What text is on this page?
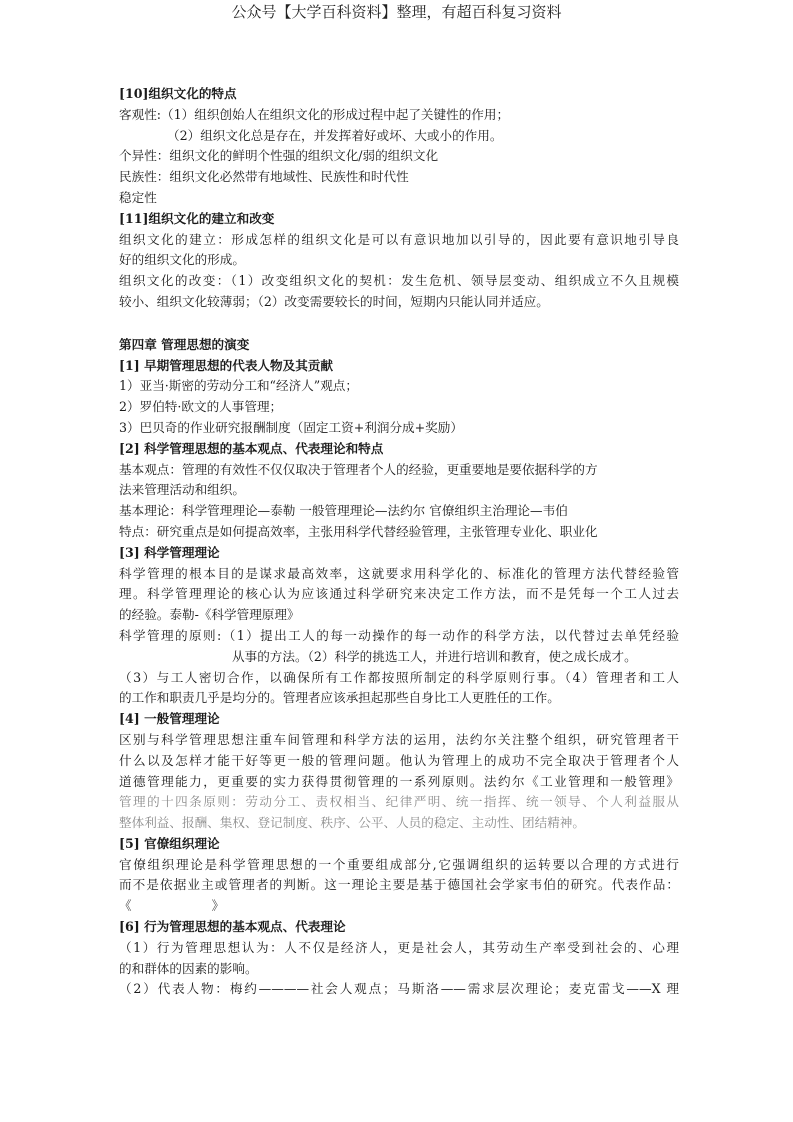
公众号【大学百科资料】整理，有超百科复习资料
[10]组织文化的特点
客观性:（1）组织创始人在组织文化的形成过程中起了关键性的作用；
（2）组织文化总是存在，并发挥着好或坏、大或小的作用。
个异性：组织文化的鲜明个性强的组织文化/弱的组织文化
民族性：组织文化必然带有地域性、民族性和时代性
稳定性
[11]组织文化的建立和改变
组织文化的建立：形成怎样的组织文化是可以有意识地加以引导的，因此要有意识地引导良
好的组织文化的形成。
组织文化的改变：（1）改变组织文化的契机：发生危机、领导层变动、组织成立不久且规模
较小、组织文化较薄弱；（2）改变需要较长的时间，短期内只能认同并适应。
第四章 管理思想的演变
[1] 早期管理思想的代表人物及其贡献
1）亚当·斯密的劳动分工和“经济人”观点；
2）罗伯特·欧文的人事管理；
3）巴贝奇的作业研究报酬制度（固定工资+利润分成+奖励）
[2] 科学管理思想的基本观点、代表理论和特点
基本观点：管理的有效性不仅仅取决于管理者个人的经验，更重要地是要依据科学的方
法来管理活动和组织。
基本理论：科学管理理论—泰勒 一般管理理论—法约尔 官僚组织主治理论—韦伯
特点：研究重点是如何提高效率，主张用科学代替经验管理，主张管理专业化、职业化
[3] 科学管理理论
科学管理的根本目的是谋求最高效率，这就要求用科学化的、标准化的管理方法代替经验管
理。科学管理理论的核心认为应该通过科学研究来决定工作方法，而不是凭每一个工人过去
的经验。泰勒-《科学管理原理》
科学管理的原则:（1）提出工人的每一动操作的每一动作的科学方法，以代替过去单凭经验
从事的方法。（2）科学的挑选工人，并进行培训和教育，使之成长成才。
（3）与工人密切合作，以确保所有工作都按照所制定的科学原则行事。（4）管理者和工人
的工作和职责几乎是均分的。管理者应该承担起那些自身比工人更胜任的工作。
[4] 一般管理理论
区别与科学管理思想注重车间管理和科学方法的运用，法约尔关注整个组织，研究管理者干
什么以及怎样才能干好等更一般的管理问题。他认为管理上的成功不完全取决于管理者个人
道德管理能力，更重要的实力获得贯彻管理的一系列原则。法约尔《工业管理和一般管理》
管理的十四条原则：劳动分工、责权相当、纪律严明、统一指挥、统一领导、个人利益服从
整体利益、报酬、集权、登记制度、秩序、公平、人员的稳定、主动性、团结精神。
[5] 官僚组织理论
官僚组织理论是科学管理思想的一个重要组成部分,它强调组织的运转要以合理的方式进行
而不是依据业主或管理者的判断。这一理论主要是基于德国社会学家韦伯的研究。代表作品：
《                    》
[6] 行为管理思想的基本观点、代表理论
（1）行为管理思想认为：人不仅是经济人，更是社会人，其劳动生产率受到社会的、心理
的和群体的因素的影响。
（2）代表人物：梅约————社会人观点；马斯洛——需求层次理论；麦克雷戈——X 理
